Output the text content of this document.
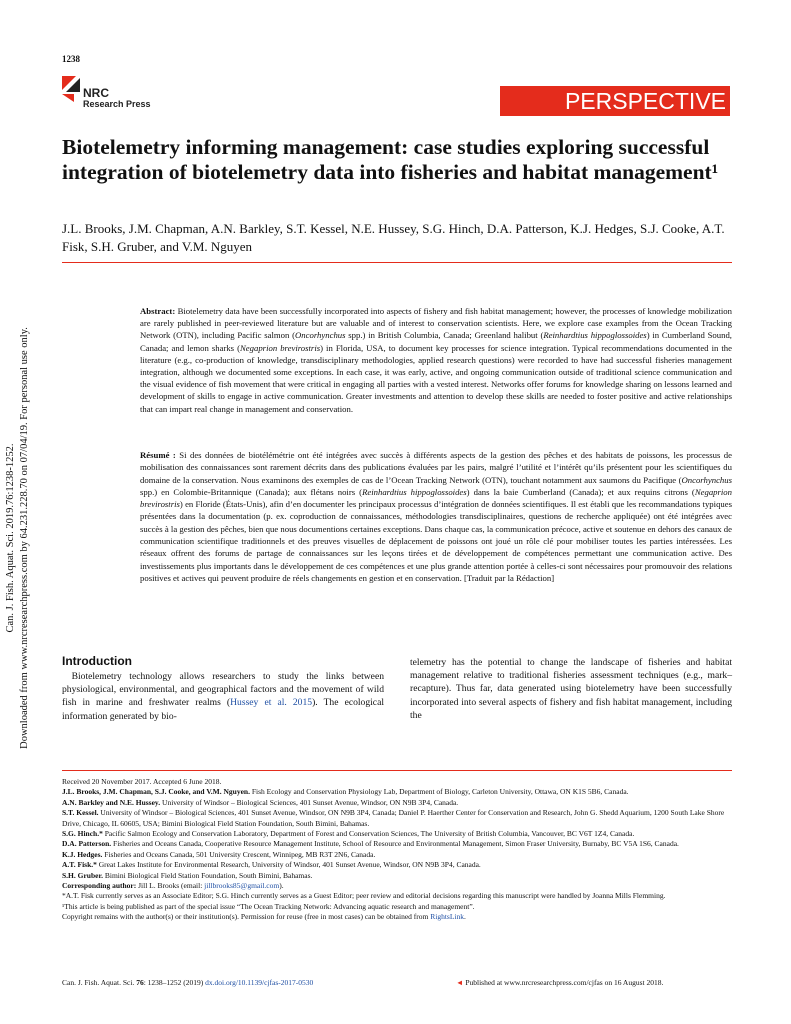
1238
NRC
Research Press	PERSPECTIVE
Biotelemetry informing management: case studies exploring successful integration of biotelemetry data into fisheries and habitat management¹
J.L. Brooks, J.M. Chapman, A.N. Barkley, S.T. Kessel, N.E. Hussey, S.G. Hinch, D.A. Patterson, K.J. Hedges, S.J. Cooke, A.T. Fisk, S.H. Gruber, and V.M. Nguyen
Can. J. Fish. Aquat. Sci. 2019.76:1238-1252. Downloaded from www.nrcresearchpress.com by 64.231.228.70 on 07/04/19. For personal use only.
Abstract: Biotelemetry data have been successfully incorporated into aspects of fishery and fish habitat management; however, the processes of knowledge mobilization are rarely published in peer-reviewed literature but are valuable and of interest to conservation scientists. Here, we explore case examples from the Ocean Tracking Network (OTN), including Pacific salmon (Oncorhynchus spp.) in British Columbia, Canada; Greenland halibut (Reinhardtius hippoglossoides) in Cumberland Sound, Canada; and lemon sharks (Negaprion brevirostris) in Florida, USA, to document key processes for science integration. Typical recommendations documented in the literature (e.g., co-production of knowledge, transdisciplinary methodologies, applied research questions) were recorded to have had successful fisheries management integration, although we documented some exceptions. In each case, it was early, active, and ongoing communication outside of traditional science communication and the visual evidence of fish movement that were critical in engaging all parties with a vested interest. Networks offer forums for knowledge sharing on lessons learned and development of skills to engage in active communication. Greater investments and attention to develop these skills are needed to foster positive and active relationships that can impart real change in management and conservation.
Résumé : Si des données de biotélémétrie ont été intégrées avec succès à différents aspects de la gestion des pêches et des habitats de poissons, les processus de mobilisation des connaissances sont rarement décrits dans des publications évaluées par les pairs, malgré l’utilité et l’intérêt qu’ils présentent pour les scientifiques du domaine de la conservation. Nous examinons des exemples de cas de l’Ocean Tracking Network (OTN), touchant notamment aux saumons du Pacifique (Oncorhynchus spp.) en Colombie-Britannique (Canada); aux flétans noirs (Reinhardtius hippoglossoides) dans la baie Cumberland (Canada); et aux requins citrons (Negaprion brevirostris) en Floride (États-Unis), afin d’en documenter les principaux processus d’intégration de données scientifiques. Il est établi que les recommandations typiques présentées dans la documentation (p. ex. coproduction de connaissances, méthodologies transdisciplinaires, questions de recherche appliquée) ont été intégrées avec succès à la gestion des pêches, bien que nous documentions certaines exceptions. Dans chaque cas, la communication précoce, active et soutenue en dehors des canaux de communication scientifique traditionnels et des preuves visuelles de déplacement de poissons ont joué un rôle clé pour mobiliser toutes les parties intéressées. Les réseaux offrent des forums de partage de connaissances sur les leçons tirées et de développement de compétences permettant une communication active. Des investissements plus importants dans le développement de ces compétences et une plus grande attention portée à celles-ci sont nécessaires pour promouvoir des relations positives et actives qui peuvent produire de réels changements en gestion et en conservation. [Traduit par la Rédaction]
Introduction
 Biotelemetry technology allows researchers to study the links between physiological, environmental, and geographical factors and the movement of wild fish in marine and freshwater realms (Hussey et al. 2015). The ecological information generated by bio-
telemetry has the potential to change the landscape of fisheries and habitat management relative to traditional fisheries assessment techniques (e.g., mark–recapture). Thus far, data generated using biotelemetry have been successfully incorporated into several aspects of fishery and fish habitat management, including the

Received 20 November 2017. Accepted 6 June 2018.

J.L. Brooks, J.M. Chapman, S.J. Cooke, and V.M. Nguyen. Fish Ecology and Conservation Physiology Lab, Department of Biology, Carleton University, Ottawa, ON K1S 5B6, Canada.

A.N. Barkley and N.E. Hussey. University of Windsor – Biological Sciences, 401 Sunset Avenue, Windsor, ON N9B 3P4, Canada.

S.T. Kessel. University of Windsor – Biological Sciences, 401 Sunset Avenue, Windsor, ON N9B 3P4, Canada; Daniel P. Haerther Center for Conservation and Research, John G. Shedd Aquarium, 1200 South Lake Shore Drive, Chicago, IL 60605, USA; Bimini Biological Field Station Foundation, South Bimini, Bahamas.

S.G. Hinch.* Pacific Salmon Ecology and Conservation Laboratory, Department of Forest and Conservation Sciences, The University of British Columbia, Vancouver, BC V6T 1Z4, Canada.

D.A. Patterson. Fisheries and Oceans Canada, Cooperative Resource Management Institute, School of Resource and Environmental Management, Simon Fraser University, Burnaby, BC V5A 1S6, Canada.

K.J. Hedges. Fisheries and Oceans Canada, 501 University Crescent, Winnipeg, MB R3T 2N6, Canada.

A.T. Fisk.* Great Lakes Institute for Environmental Research, University of Windsor, 401 Sunset Avenue, Windsor, ON N9B 3P4, Canada.

S.H. Gruber. Bimini Biological Field Station Foundation, South Bimini, Bahamas.

Corresponding author: Jill L. Brooks (email: jillbrooks85@gmail.com).

*A.T. Fisk currently serves as an Associate Editor; S.G. Hinch currently serves as a Guest Editor; peer review and editorial decisions regarding this manuscript were handled by Joanna Mills Flemming.

¹This article is being published as part of the special issue “The Ocean Tracking Network: Advancing aquatic research and management”.

Copyright remains with the author(s) or their institution(s). Permission for reuse (free in most cases) can be obtained from RightsLink.

Can. J. Fish. Aquat. Sci. 76: 1238–1252 (2019) dx.doi.org/10.1139/cjfas-2017-0530	◄ Published at www.nrcresearchpress.com/cjfas on 16 August 2018.
